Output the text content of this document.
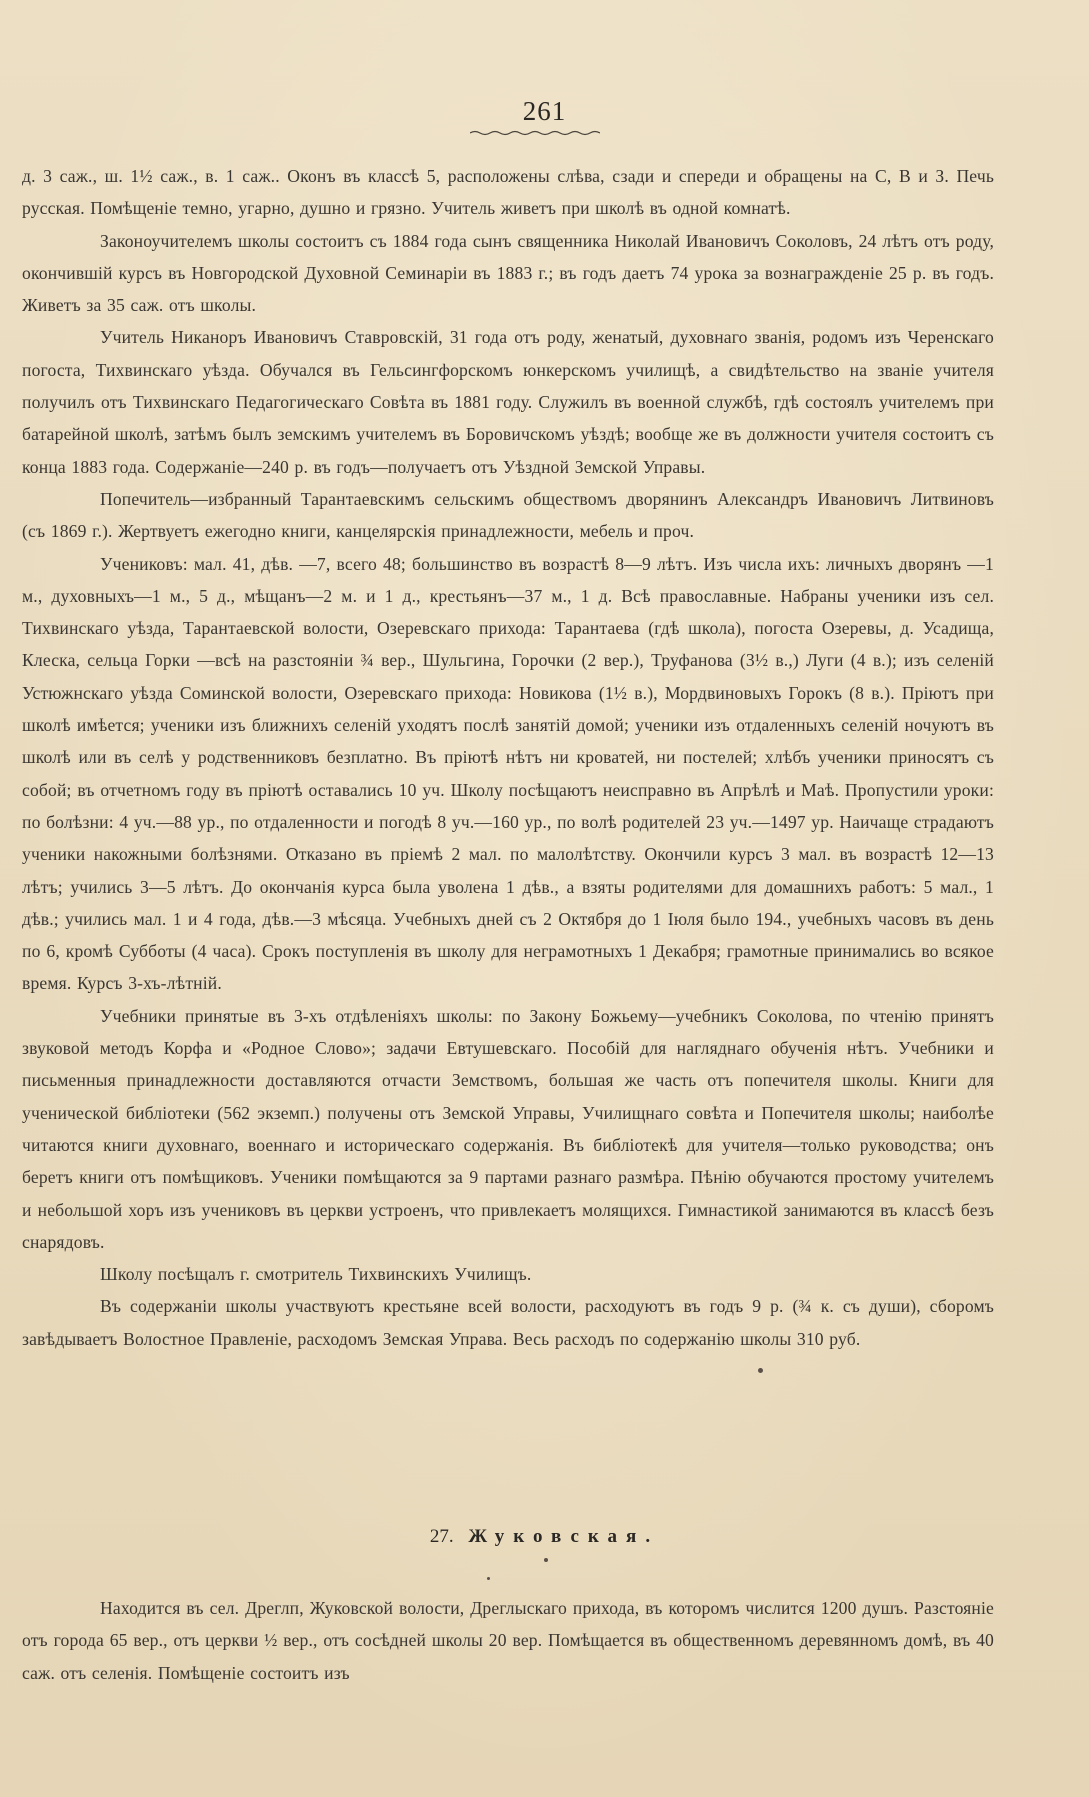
261

д. 3 саж., ш. 1½ саж., в. 1 саж.. Оконъ въ классѣ 5, расположены слѣва, сзади и спереди и обращены на С, В и З. Печь русская. Помѣщеніе темно, угарно, душно и грязно. Учитель живетъ при школѣ въ одной комнатѣ.

Законоучителемъ школы состоитъ съ 1884 года сынъ священника Николай Ивановичъ Соколовъ, 24 лѣтъ отъ роду, окончившій курсъ въ Новгородской Духовной Семинаріи въ 1883 г.; въ годъ даетъ 74 урока за вознагражденіе 25 р. въ годъ. Живетъ за 35 саж. отъ школы.

Учитель Никаноръ Ивановичъ Ставровскій, 31 года отъ роду, женатый, духовнаго званія, родомъ изъ Черенскаго погоста, Тихвинскаго уѣзда. Обучался въ Гельсингфорскомъ юнкерскомъ училищѣ, а свидѣтельство на званіе учителя получилъ отъ Тихвинскаго Педагогическаго Совѣта въ 1881 году. Служилъ въ военной службѣ, гдѣ состоялъ учителемъ при батарейной школѣ, затѣмъ былъ земскимъ учителемъ въ Боровичскомъ уѣздѣ; вообще же въ должности учителя состоитъ съ конца 1883 года. Содержаніе—240 р. въ годъ—получаетъ отъ Уѣздной Земской Управы.

Попечитель—избранный Тарантаевскимъ сельскимъ обществомъ дворянинъ Александръ Ивановичъ Литвиновъ (съ 1869 г.). Жертвуетъ ежегодно книги, канцелярскія принадлежности, мебель и проч.

Учениковъ: мал. 41, дѣв. —7, всего 48; большинство въ возрастѣ 8—9 лѣтъ. Изъ числа ихъ: личныхъ дворянъ —1 м., духовныхъ—1 м., 5 д., мѣщанъ—2 м. и 1 д., крестьянъ—37 м., 1 д. Всѣ православные. Набраны ученики изъ сел. Тихвинскаго уѣзда, Тарантаевской волости, Озеревскаго прихода: Тарантаева (гдѣ школа), погоста Озеревы, д. Усадища, Клеска, сельца Горки —всѣ на разстояніи ¾ вер., Шульгина, Горочки (2 вер.), Труфанова (3½ в.,) Луги (4 в.); изъ селеній Устюжнскаго уѣзда Соминской волости, Озеревскаго прихода: Новикова (1½ в.), Мордвиновыхъ Горокъ (8 в.). Пріютъ при школѣ имѣется; ученики изъ ближнихъ селеній уходятъ послѣ занятій домой; ученики изъ отдаленныхъ селеній ночуютъ въ школѣ или въ селѣ у родственниковъ безплатно. Въ пріютѣ нѣтъ ни кроватей, ни постелей; хлѣбъ ученики приносятъ съ собой; въ отчетномъ году въ пріютѣ оставались 10 уч. Школу посѣщаютъ неисправно въ Апрѣлѣ и Маѣ. Пропустили уроки: по болѣзни: 4 уч.—88 ур., по отдаленности и погодѣ 8 уч.—160 ур., по волѣ родителей 23 уч.—1497 ур. Наичаще страдаютъ ученики накожными болѣзнями. Отказано въ пріемѣ 2 мал. по малолѣтству. Окончили курсъ 3 мал. въ возрастѣ 12—13 лѣтъ; учились 3—5 лѣтъ. До окончанія курса была уволена 1 дѣв., а взяты родителями для домашнихъ работъ: 5 мал., 1 дѣв.; учились мал. 1 и 4 года, дѣв.—3 мѣсяца. Учебныхъ дней съ 2 Октября до 1 Іюля было 194., учебныхъ часовъ въ день по 6, кромѣ Субботы (4 часа). Срокъ поступленія въ школу для неграмотныхъ 1 Декабря; грамотные принимались во всякое время. Курсъ 3-хъ-лѣтній.

Учебники принятые въ 3-хъ отдѣленіяхъ школы: по Закону Божьему—учебникъ Соколова, по чтенію принятъ звуковой методъ Корфа и «Родное Слово»; задачи Евтушевскаго. Пособій для нагляднаго обученія нѣтъ. Учебники и письменныя принадлежности доставляются отчасти Земствомъ, большая же часть отъ попечителя школы. Книги для ученической библіотеки (562 экземп.) получены отъ Земской Управы, Училищнаго совѣта и Попечителя школы; наиболѣе читаются книги духовнаго, военнаго и историческаго содержанія. Въ библіотекѣ для учителя—только руководства; онъ беретъ книги отъ помѣщиковъ. Ученики помѣщаются за 9 партами разнаго размѣра. Пѣнію обучаются простому учителемъ и небольшой хоръ изъ учениковъ въ церкви устроенъ, что привлекаетъ молящихся. Гимнастикой занимаются въ классѣ безъ снарядовъ.

Школу посѣщалъ г. смотритель Тихвинскихъ Училищъ.

Въ содержаніи школы участвуютъ крестьяне всей волости, расходуютъ въ годъ 9 р. (¾ к. съ души), сборомъ завѣдываетъ Волостное Правленіе, расходомъ Земская Управа. Весь расходъ по содержанію школы 310 руб.

27. Жуковская.

Находится въ сел. Дреглп, Жуковской волости, Дреглыскаго прихода, въ которомъ числится 1200 душъ. Разстояніе отъ города 65 вер., отъ церкви ½ вер., отъ сосѣдней школы 20 вер. Помѣщается въ общественномъ деревянномъ домѣ, въ 40 саж. отъ селенія. Помѣщеніе состоитъ изъ
